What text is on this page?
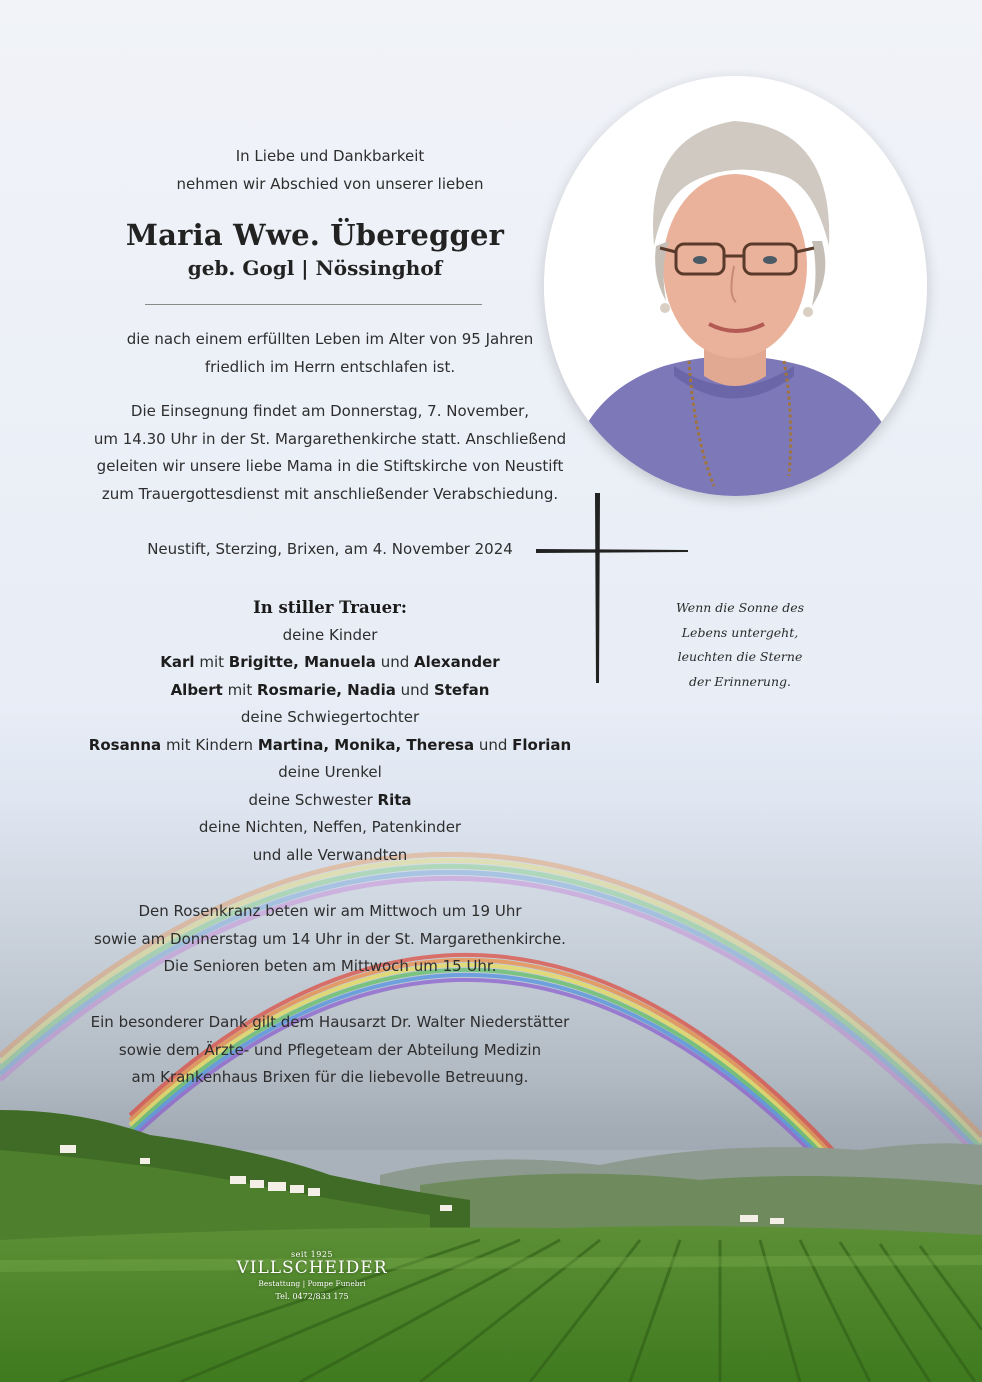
In Liebe und Dankbarkeit
nehmen wir Abschied von unserer lieben
Maria Wwe. Überegger
geb. Gogl | Nössinghof
die nach einem erfüllten Leben im Alter von 95 Jahren
friedlich im Herrn entschlafen ist.
Die Einsegnung findet am Donnerstag, 7. November,
um 14.30 Uhr in der St. Margarethenkirche statt. Anschließend
geleiten wir unsere liebe Mama in die Stiftskirche von Neustift
zum Trauergottesdienst mit anschließender Verabschiedung.
Neustift, Sterzing, Brixen, am 4. November 2024
In stiller Trauer:
deine Kinder
Karl mit Brigitte, Manuela und Alexander
Albert mit Rosmarie, Nadia und Stefan
deine Schwiegertochter
Rosanna mit Kindern Martina, Monika, Theresa und Florian
deine Urenkel
deine Schwester Rita
deine Nichten, Neffen, Patenkinder
und alle Verwandten
Den Rosenkranz beten wir am Mittwoch um 19 Uhr
sowie am Donnerstag um 14 Uhr in der St. Margarethenkirche.
Die Senioren beten am Mittwoch um 15 Uhr.
Ein besonderer Dank gilt dem Hausarzt Dr. Walter Niederstätter
sowie dem Ärzte- und Pflegeteam der Abteilung Medizin
am Krankenhaus Brixen für die liebevolle Betreuung.
Wenn die Sonne des
Lebens untergeht,
leuchten die Sterne
der Erinnerung.
seit 1925
VILLSCHEIDER
Bestattung | Pompe Funebri
Tel. 0472/833 175
